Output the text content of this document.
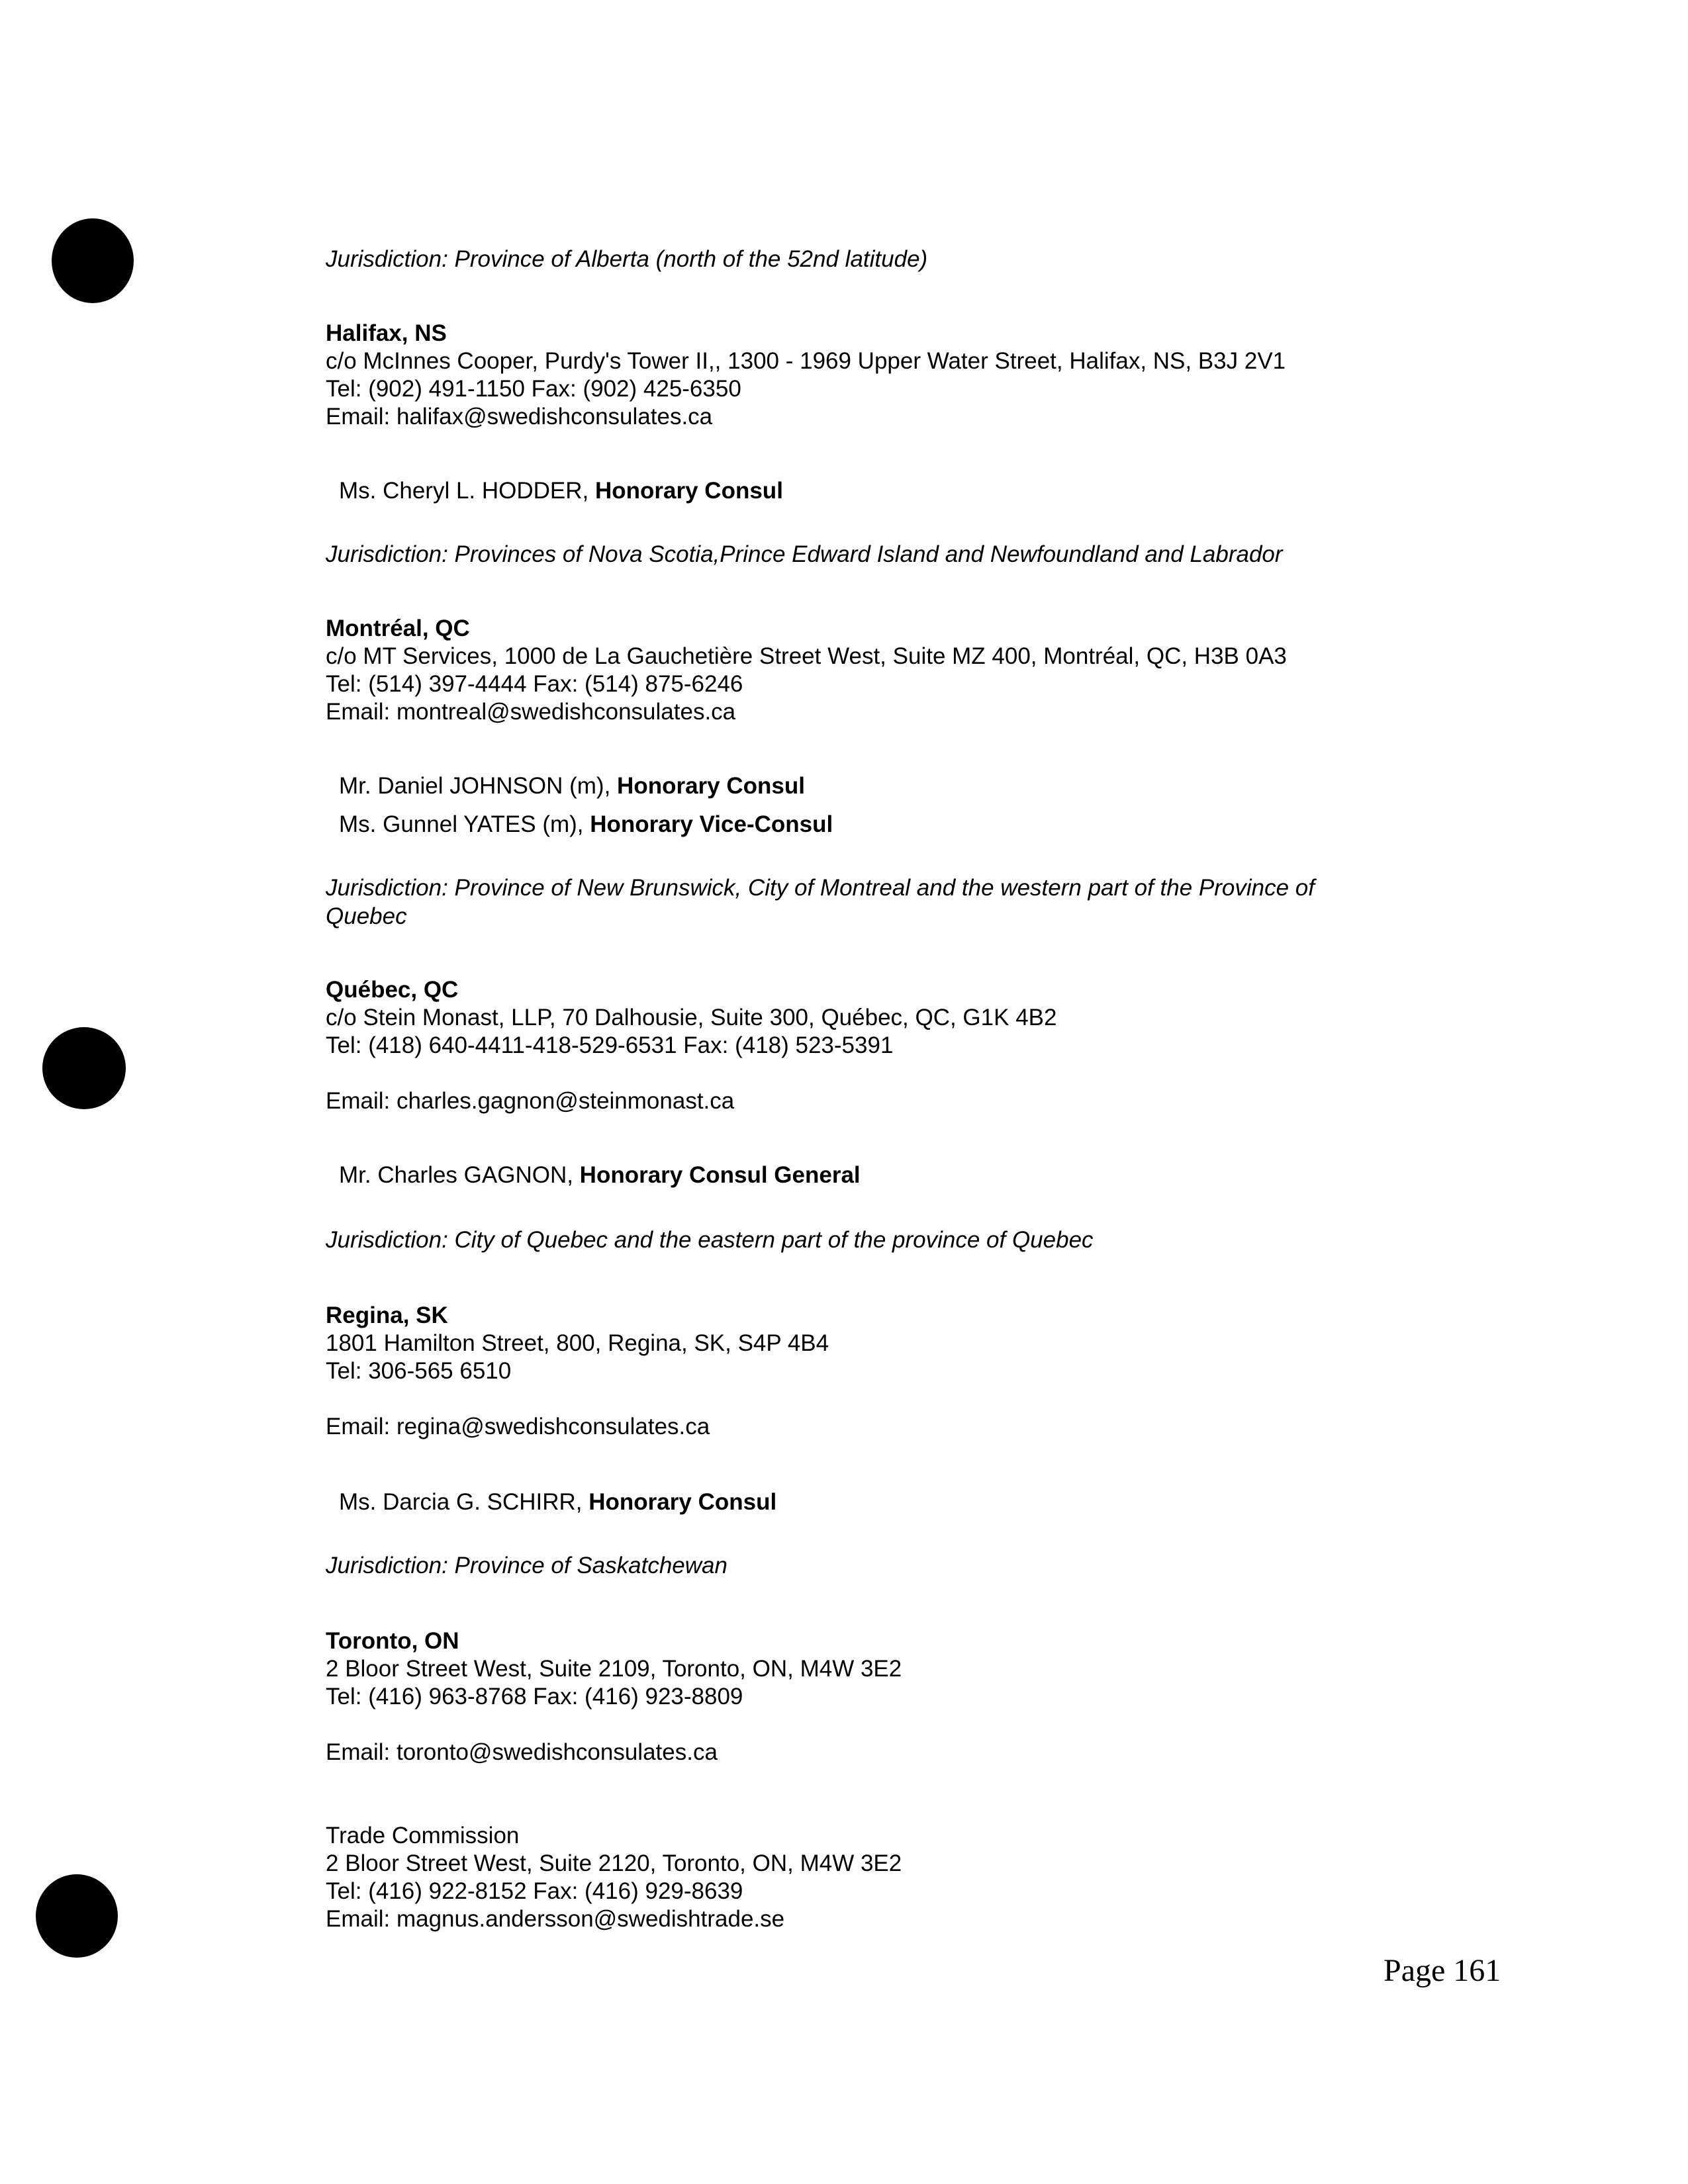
Jurisdiction: Province of Alberta (north of the 52nd latitude)
Halifax, NS
c/o McInnes Cooper, Purdy's Tower II,, 1300 - 1969 Upper Water Street, Halifax, NS, B3J 2V1
Tel: (902) 491-1150 Fax: (902) 425-6350
Email: halifax@swedishconsulates.ca
Ms. Cheryl L. HODDER, Honorary Consul
Jurisdiction: Provinces of Nova Scotia,Prince Edward Island and Newfoundland and Labrador
Montréal, QC
c/o MT Services, 1000 de La Gauchetière Street West, Suite MZ 400, Montréal, QC, H3B 0A3
Tel: (514) 397-4444 Fax: (514) 875-6246
Email: montreal@swedishconsulates.ca
Mr. Daniel JOHNSON (m), Honorary Consul
Ms. Gunnel YATES (m), Honorary Vice-Consul
Jurisdiction: Province of New Brunswick, City of Montreal and the western part of the Province of Quebec
Québec, QC
c/o Stein Monast, LLP, 70 Dalhousie, Suite 300, Québec, QC, G1K 4B2
Tel: (418) 640-4411-418-529-6531 Fax: (418) 523-5391
Email: charles.gagnon@steinmonast.ca
Mr. Charles GAGNON, Honorary Consul General
Jurisdiction: City of Quebec and the eastern part of the province of Quebec
Regina, SK
1801 Hamilton Street, 800, Regina, SK, S4P 4B4
Tel: 306-565 6510
Email: regina@swedishconsulates.ca
Ms. Darcia G. SCHIRR, Honorary Consul
Jurisdiction: Province of Saskatchewan
Toronto, ON
2 Bloor Street West, Suite 2109, Toronto, ON, M4W 3E2
Tel: (416) 963-8768 Fax: (416) 923-8809
Email: toronto@swedishconsulates.ca
Trade Commission
2 Bloor Street West, Suite 2120, Toronto, ON, M4W 3E2
Tel: (416) 922-8152 Fax: (416) 929-8639
Email: magnus.andersson@swedishtrade.se
Page 161
